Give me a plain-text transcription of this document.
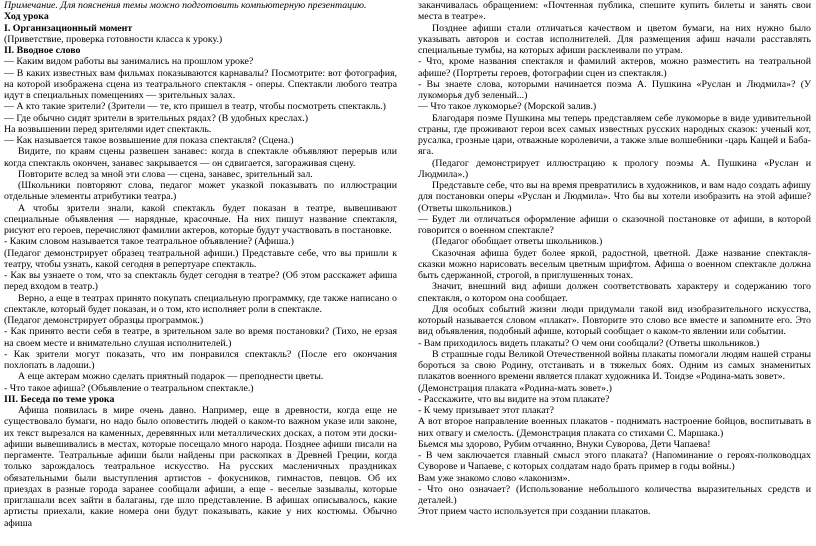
Примечание. Для пояснения темы можно подготовить компьютерную презентацию.

Ход урока

I. Организационный момент

(Приветствие, проверка готовности класса к уроку.)

II. Вводное слово

— Каким видом работы вы занимались на прошлом уроке?

— В каких известных вам фильмах показываются карнавалы? Посмотрите: вот фотография, на которой изображена сцена из театрального спектакля - оперы. Спектакли любого театра идут в специальных помещениях — зрительных залах.

— А кто такие зрители? (Зрители — те, кто пришел в театр, чтобы посмотреть спектакль.)

— Где обычно сидят зрители в зрительных рядах? (В удобных креслах.)

На возвышении перед зрителями идет спектакль.

— Как называется такое возвышение для показа спектакля? (Сцена.)

Видите, по краям сцены развешен занавес: когда в спектакле объявляют перерыв или когда спектакль окончен, занавес закрывается — он сдвигается, загораживая сцену.

Повторите вслед за мной эти слова — сцена, занавес, зрительный зал.

(Школьники повторяют слова, педагог может указкой показывать по иллюстрации отдельные элементы атрибутики театра.)

А чтобы зрители знали, какой спектакль будет показан в театре, вывешивают специальные объявления — нарядные, красочные. На них пишут название спектакля, рисуют его героев, перечисляют фамилии актеров, которые будут участвовать в постановке.

- Каким словом называется такое театральное объявление? (Афиша.)

(Педагог демонстрирует образец театральной афиши.) Представьте себе, что вы пришли к театру, чтобы узнать, какой сегодня в репертуаре спектакль.

- Как вы узнаете о том, что за спектакль будет сегодня в театре? (Об этом расскажет афиша перед входом в театр.)

Верно, а еще в театрах принято покупать специальную программку, где также написано о спектакле, который будет показан, и о том, кто исполняет роли в спектакле.

(Педагог демонстрирует образцы программок.)

- Как принято вести себя в театре, в зрительном зале во время постановки? (Тихо, не ерзая на своем месте и внимательно слушая исполнителей.)

- Как зрители могут показать, что им понравился спектакль? (После его окончания похлопать в ладоши.)

А еще актерам можно сделать приятный подарок — преподнести цветы.

- Что такое афиша? (Объявление о театральном спектакле.)

III. Беседа по теме урока

Афиша появилась в мире очень давно. Например, еще в древности, когда еще не существовало бумаги, но надо было оповестить людей о каком-то важном указе или законе, их текст вырезался на каменных, деревянных или металлических досках, а потом эти доски-афиши вывешивались в местах, которые посещало много народа. Позднее афиши писали на пергаменте. Театральные афиши были найдены при раскопках в Древней Греции, когда только зарождалось театральное искусство. На русских масленичных праздниках обязательными были выступления артистов - фокусников, гимнастов, певцов. Об их приездах в разные города заранее сообщали афиши, а еще - веселые зазывалы, которые приглашали всех зайти в балаганы, где шло представление. В афишах описывалось, какие артисты приехали, какие номера они будут показывать, какие у них костюмы. Обычно афиша

заканчивалась обращением: «Почтенная публика, спешите купить билеты и занять свои места в театре».

Позднее афиши стали отличаться качеством и цветом бумаги, на них нужно было указывать авторов и состав исполнителей. Для размещения афиш начали расставлять специальные тумбы, на которых афиши расклеивали по утрам.

- Что, кроме названия спектакля и фамилий актеров, можно разместить на театральной афише? (Портреты героев, фотографии сцен из спектакля.)

- Вы знаете слова, которыми начинается поэма А. Пушкина «Руслан и Людмила»? (У лукоморья дуб зеленый...)

— Что такое лукоморье? (Морской залив.)

Благодаря поэме Пушкина мы теперь представляем себе лукоморье в виде удивительной страны, где проживают герои всех самых известных русских народных сказок: ученый кот, русалка, грозные цари, отважные королевичи, а также злые волшебники -царь Кащей и Баба-яга.

(Педагог демонстрирует иллюстрацию к прологу поэмы А. Пушкина «Руслан и Людмила».)

Представьте себе, что вы на время превратились в художников, и вам надо создать афишу для постановки оперы «Руслан и Людмила». Что бы вы хотели изобразить на этой афише? (Ответы школьников.)

— Будет ли отличаться оформление афиши о сказочной постановке от афиши, в которой говорится о военном спектакле?

(Педагог обобщает ответы школьников.)

Сказочная афиша будет более яркой, радостной, цветной. Даже название спектакля-сказки можно нарисовать веселым цветным шрифтом. Афиша о военном спектакле должна быть сдержанной, строгой, в приглушенных тонах.

Значит, внешний вид афиши должен соответствовать характеру и содержанию того спектакля, о котором она сообщает.

Для особых событий жизни люди придумали такой вид изобразительного искусства, который называется словом «плакат». Повторите это слово все вместе и запомните его. Это вид объявления, подобный афише, который сообщает о каком-то явлении или событии.

- Вам приходилось видеть плакаты? О чем они сообщали? (Ответы школьников.)

В страшные годы Великой Отечественной войны плакаты помогали людям нашей страны бороться за свою Родину, отстаивать и в тяжелых боях. Одним из самых знаменитых плакатов военного времени является плакат художника И. Тоидзе «Родина-мать зовет».

(Демонстрация плаката «Родина-мать зовет».)

- Расскажите, что вы видите на этом плакате?

- К чему призывает этот плакат?

А вот второе направление военных плакатов - поднимать настроение бойцов, воспитывать в них отвагу и смелость. (Демонстрация плаката со стихами С. Маршака.)

Бьемся мы здорово, Рубим отчаянно, Внуки Суворова, Дети Чапаева!

- В чем заключается главный смысл этого плаката? (Напоминание о героях-полководцах Суворове и Чапаеве, с которых солдатам надо брать пример в годы войны.)

Вам уже знакомо слово «лаконизм».

- Что оно означает? (Использование небольшого количества выразительных средств и деталей.)

Этот прием часто используется при создании плакатов.
